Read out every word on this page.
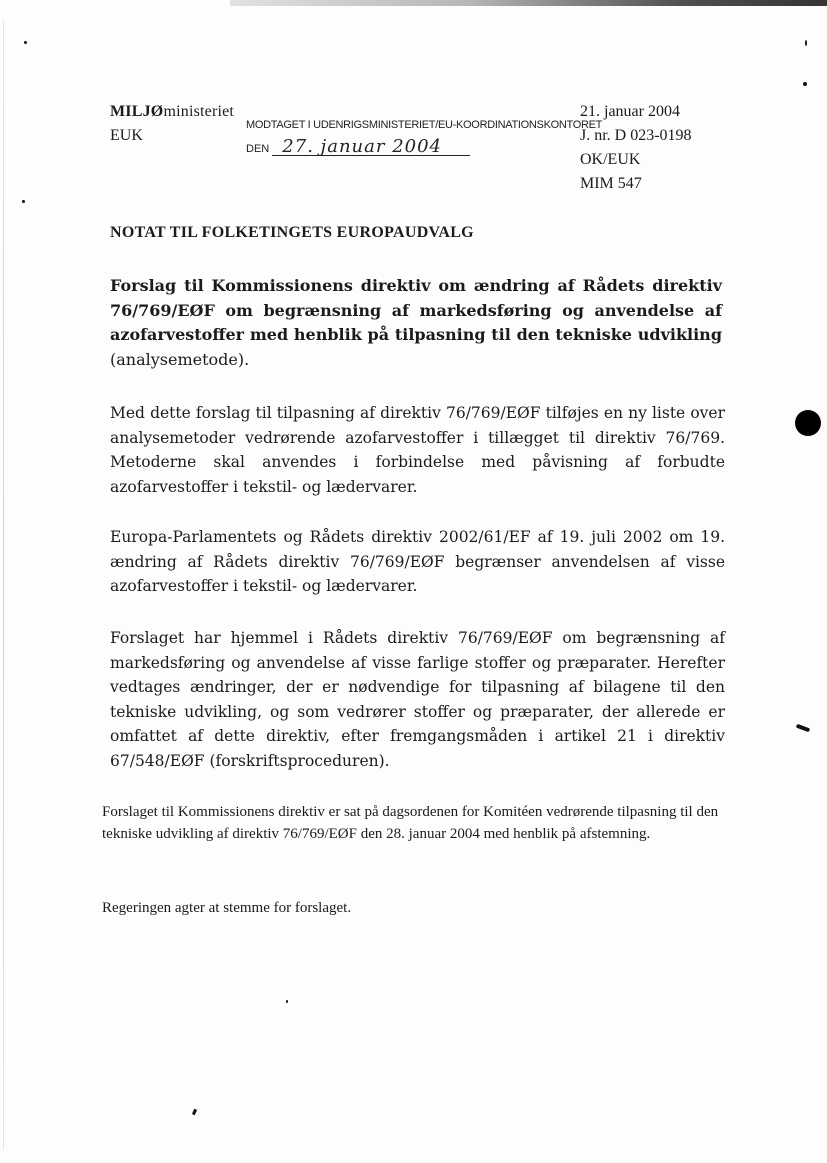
MILJØministeriet
EUK
MODTAGET I UDENRIGSMINISTERIET/EU-KOORDINATIONSKONTORET
DEN 27. januar 2004
21. januar 2004
J. nr. D 023-0198
OK/EUK
MIM 547
NOTAT TIL FOLKETINGETS EUROPAUDVALG
Forslag til Kommissionens direktiv om ændring af Rådets direktiv 76/769/EØF om begrænsning af markedsføring og anvendelse af azofarvestoffer med henblik på tilpasning til den tekniske udvikling (analysemetode).
Med dette forslag til tilpasning af direktiv 76/769/EØF tilføjes en ny liste over analysemetoder vedrørende azofarvestoffer i tillægget til direktiv 76/769. Metoderne skal anvendes i forbindelse med påvisning af forbudte azofarvestoffer i tekstil- og lædervarer.
Europa-Parlamentets og Rådets direktiv 2002/61/EF af 19. juli 2002 om 19. ændring af Rådets direktiv 76/769/EØF begrænser anvendelsen af visse azofarvestoffer i tekstil- og lædervarer.
Forslaget har hjemmel i Rådets direktiv 76/769/EØF om begrænsning af markedsføring og anvendelse af visse farlige stoffer og præparater. Herefter vedtages ændringer, der er nødvendige for tilpasning af bilagene til den tekniske udvikling, og som vedrører stoffer og præparater, der allerede er omfattet af dette direktiv, efter fremgangsmåden i artikel 21 i direktiv 67/548/EØF (forskriftsproceduren).
Forslaget til Kommissionens direktiv er sat på dagsordenen for Komitéen vedrørende tilpasning til den tekniske udvikling af direktiv 76/769/EØF den 28. januar 2004 med henblik på afstemning.
Regeringen agter at stemme for forslaget.
